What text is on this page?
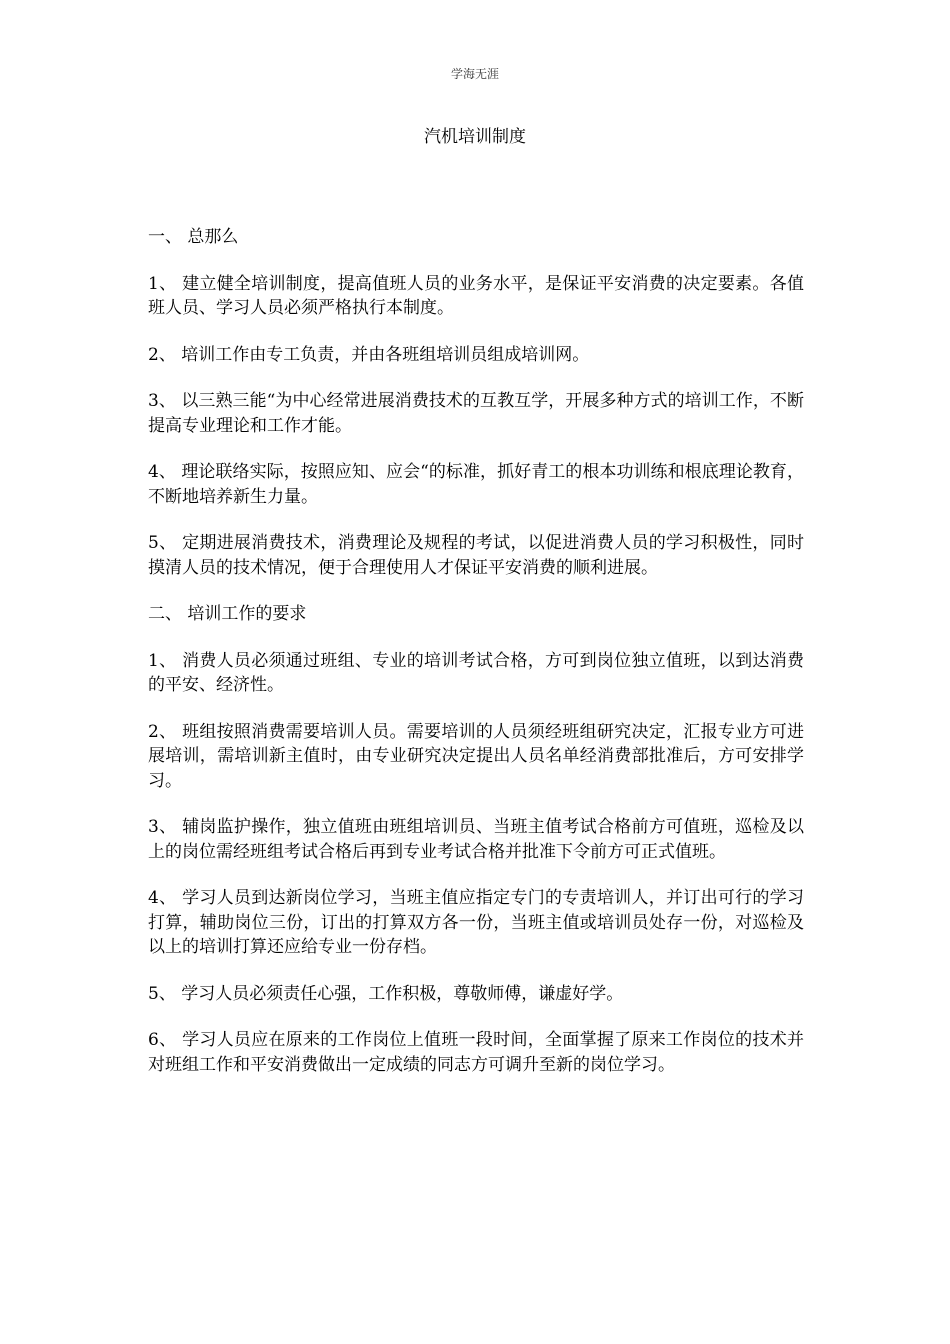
学海无涯
汽机培训制度

一、 总那么

1、 建立健全培训制度，提高值班人员的业务水平，是保证平安消费的决定要素。各值班人员、学习人员必须严格执行本制度。

2、 培训工作由专工负责，并由各班组培训员组成培训网。

3、 以三熟三能“为中心经常进展消费技术的互教互学，开展多种方式的培训工作，不断提高专业理论和工作才能。

4、 理论联络实际，按照应知、应会“的标准，抓好青工的根本功训练和根底理论教育，不断地培养新生力量。

5、 定期进展消费技术，消费理论及规程的考试，以促进消费人员的学习积极性，同时摸清人员的技术情况，便于合理使用人才保证平安消费的顺利进展。

二、 培训工作的要求

1、 消费人员必须通过班组、专业的培训考试合格，方可到岗位独立值班，以到达消费的平安、经济性。

2、 班组按照消费需要培训人员。需要培训的人员须经班组研究决定，汇报专业方可进展培训，需培训新主值时，由专业研究决定提出人员名单经消费部批准后，方可安排学习。

3、 辅岗监护操作，独立值班由班组培训员、当班主值考试合格前方可值班，巡检及以上的岗位需经班组考试合格后再到专业考试合格并批准下令前方可正式值班。

4、 学习人员到达新岗位学习，当班主值应指定专门的专责培训人，并订出可行的学习打算，辅助岗位三份，订出的打算双方各一份，当班主值或培训员处存一份，对巡检及以上的培训打算还应给专业一份存档。

5、 学习人员必须责任心强，工作积极，尊敬师傅，谦虚好学。

6、 学习人员应在原来的工作岗位上值班一段时间，全面掌握了原来工作岗位的技术并对班组工作和平安消费做出一定成绩的同志方可调升至新的岗位学习。
